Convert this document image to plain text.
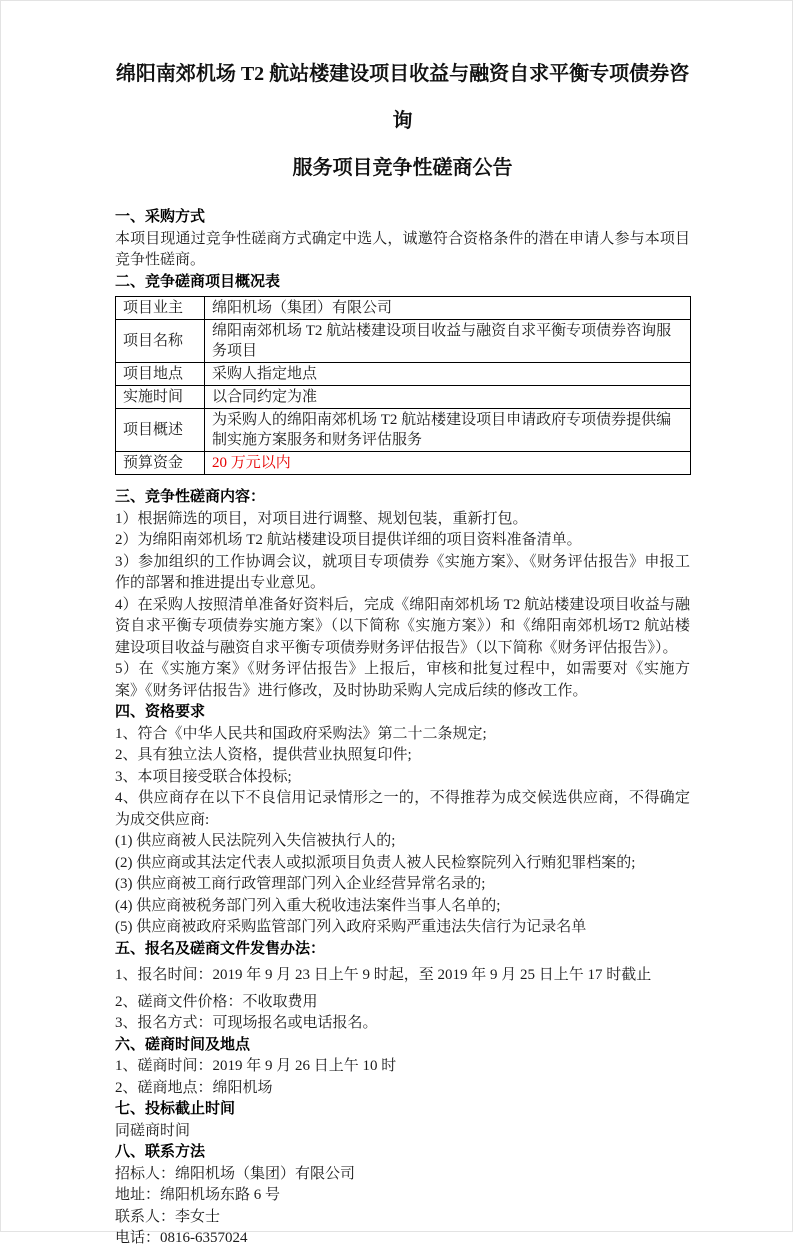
绵阳南郊机场 T2 航站楼建设项目收益与融资自求平衡专项债券咨询
服务项目竞争性磋商公告

一、采购方式

本项目现通过竞争性磋商方式确定中选人，诚邀符合资格条件的潜在申请人参与本项目竞争性磋商。

二、竞争磋商项目概况表

项目业主	绵阳机场（集团）有限公司
项目名称	绵阳南郊机场 T2 航站楼建设项目收益与融资自求平衡专项债券咨询服务项目
项目地点	采购人指定地点
实施时间	以合同约定为准
项目概述	为采购人的绵阳南郊机场 T2 航站楼建设项目申请政府专项债券提供编制实施方案服务和财务评估服务
预算资金	20 万元以内

三、竞争性磋商内容：

1）根据筛选的项目，对项目进行调整、规划包装，重新打包。

2）为绵阳南郊机场 T2 航站楼建设项目提供详细的项目资料准备清单。

3）参加组织的工作协调会议，就项目专项债券《实施方案》、《财务评估报告》申报工作的部署和推进提出专业意见。

4）在采购人按照清单准备好资料后，完成《绵阳南郊机场 T2 航站楼建设项目收益与融资自求平衡专项债券实施方案》（以下简称《实施方案》）和《绵阳南郊机场T2 航站楼建设项目收益与融资自求平衡专项债券财务评估报告》（以下简称《财务评估报告》）。

5）在《实施方案》《财务评估报告》上报后，审核和批复过程中，如需要对《实施方案》《财务评估报告》进行修改，及时协助采购人完成后续的修改工作。

四、资格要求

1、符合《中华人民共和国政府采购法》第二十二条规定;

2、具有独立法人资格，提供营业执照复印件;

3、本项目接受联合体投标;

4、供应商存在以下不良信用记录情形之一的，不得推荐为成交候选供应商，不得确定为成交供应商:

(1) 供应商被人民法院列入失信被执行人的;

(2) 供应商或其法定代表人或拟派项目负责人被人民检察院列入行贿犯罪档案的;

(3) 供应商被工商行政管理部门列入企业经营异常名录的;

(4) 供应商被税务部门列入重大税收违法案件当事人名单的;

(5) 供应商被政府采购监管部门列入政府采购严重违法失信行为记录名单

五、报名及磋商文件发售办法：

1、报名时间：2019 年 9 月 23 日上午 9 时起，至 2019 年 9 月 25 日上午 17 时截止

2、磋商文件价格：不收取费用

3、报名方式：可现场报名或电话报名。

六、磋商时间及地点

1、磋商时间：2019 年 9 月 26 日上午 10 时

2、磋商地点：绵阳机场

七、投标截止时间

同磋商时间

八、联系方法

招标人：绵阳机场（集团）有限公司

地址：绵阳机场东路 6 号

联系人：李女士

电话：0816-6357024
